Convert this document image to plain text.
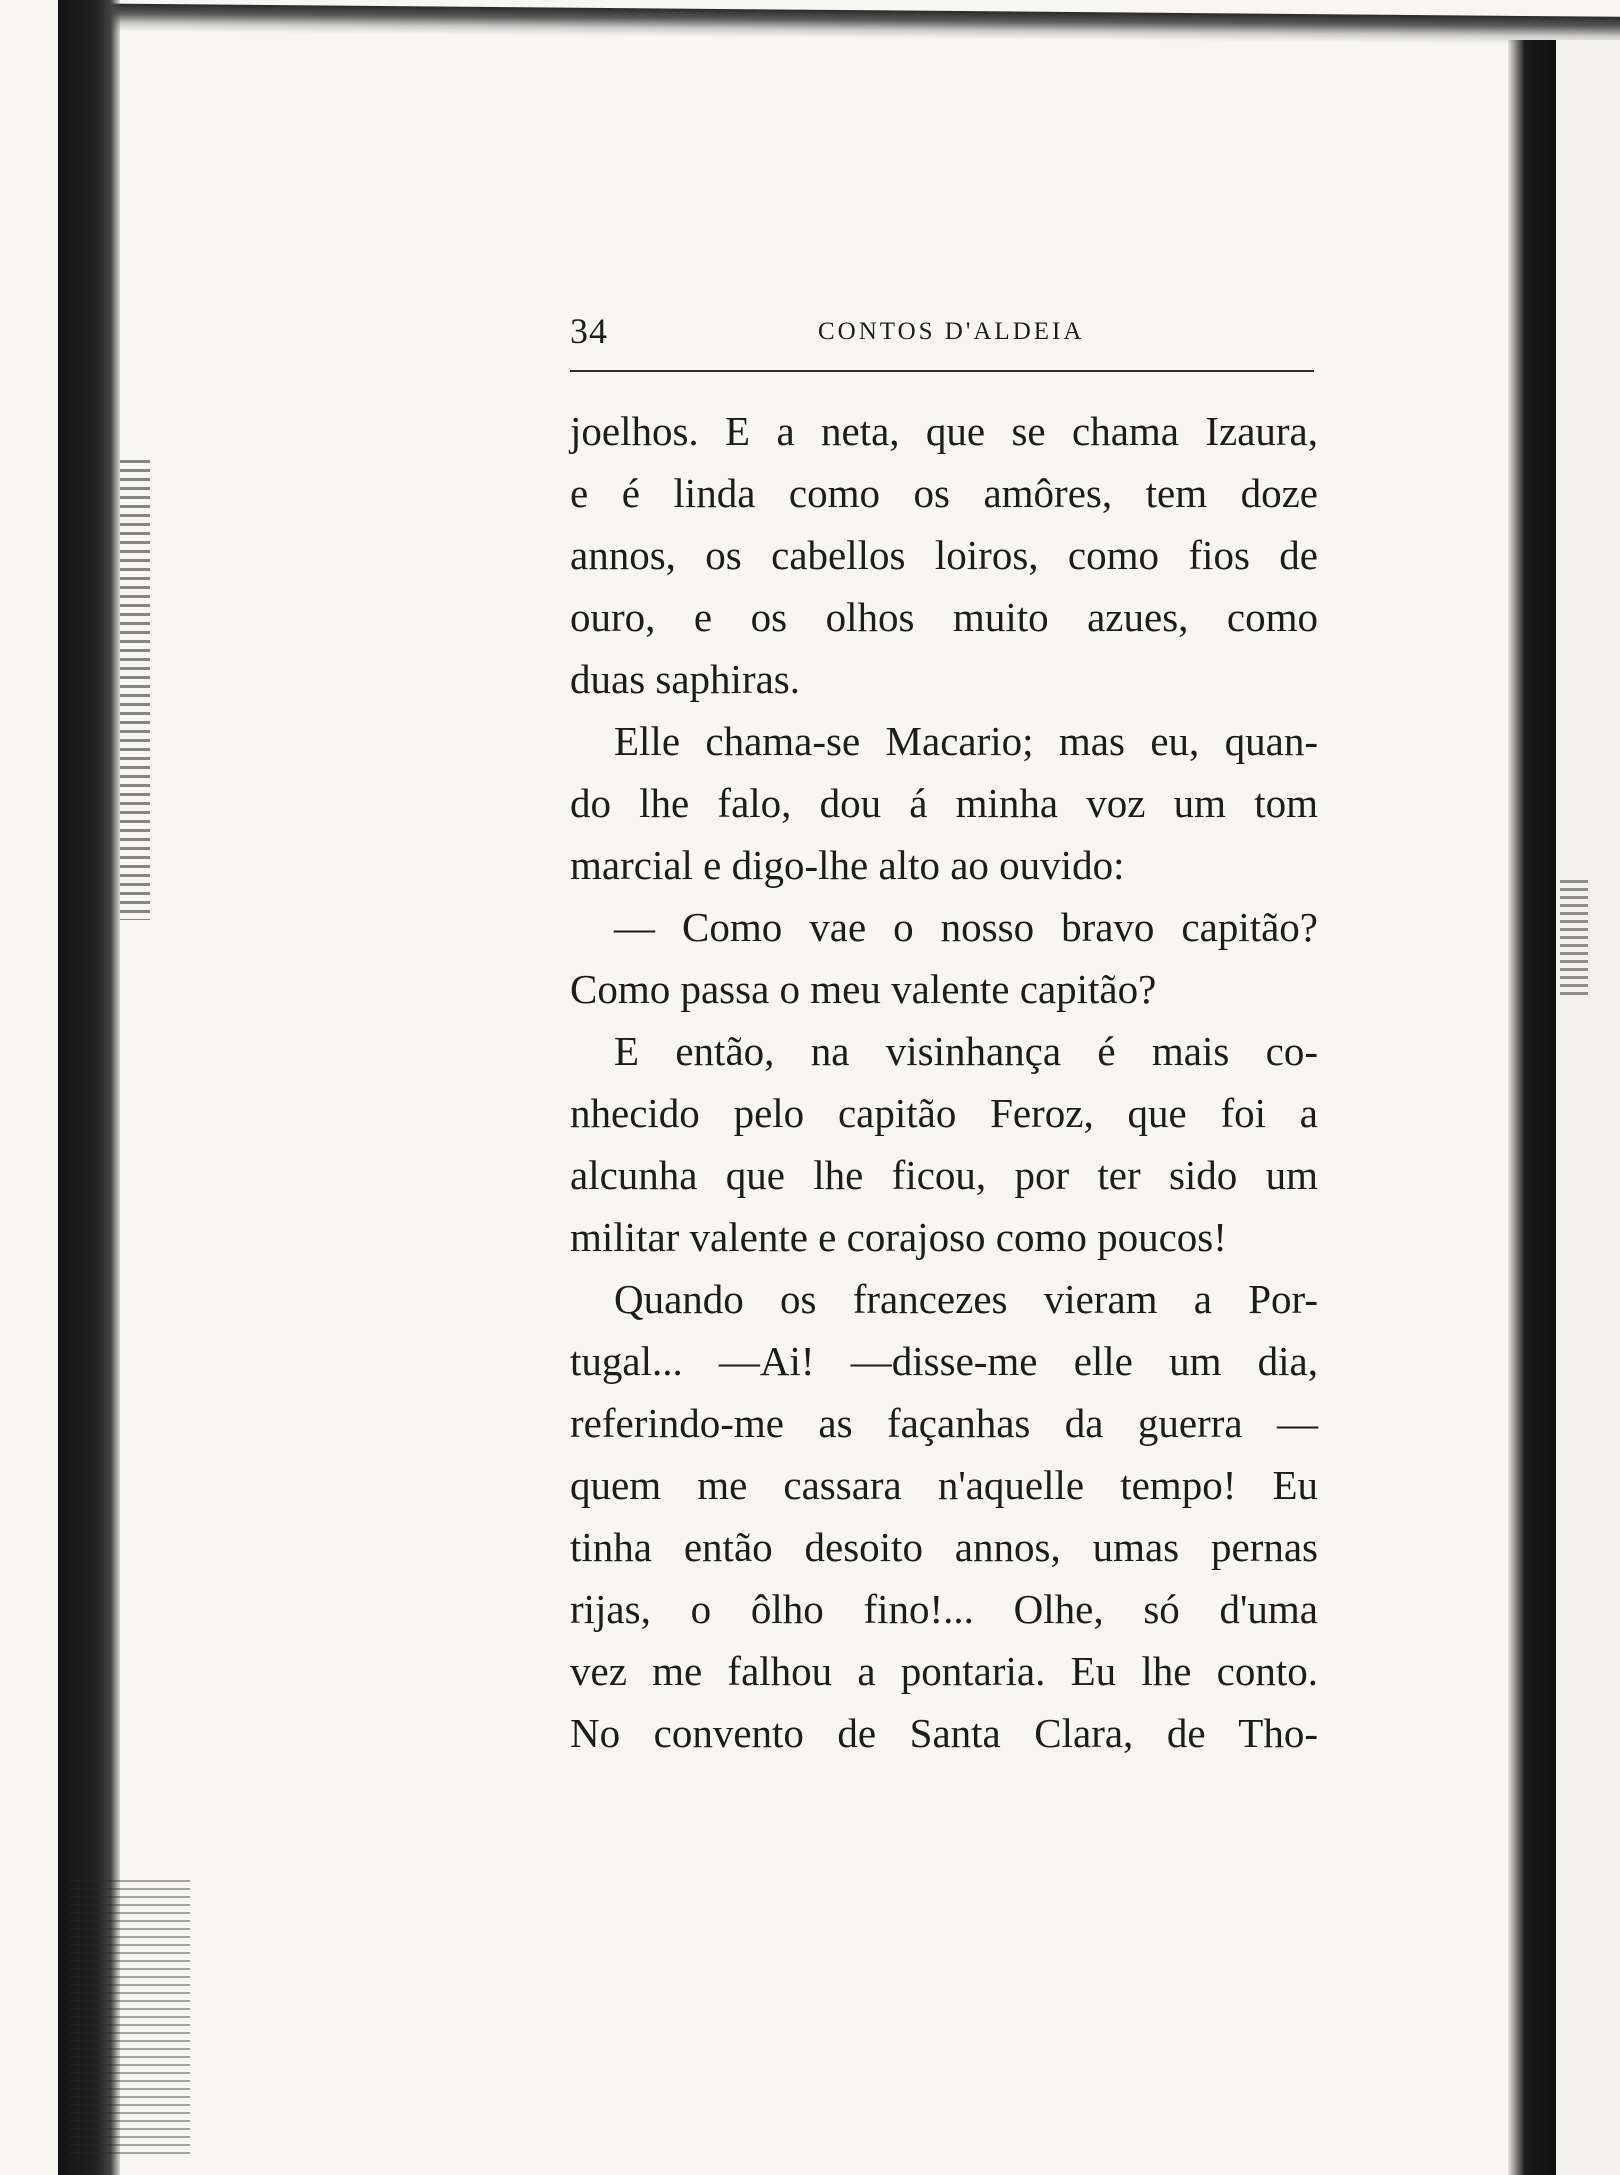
34	CONTOS D'ALDEIA
joelhos. E a neta, que se chama Izaura,
e é linda como os amôres, tem doze
annos, os cabellos loiros, como fios de
ouro, e os olhos muito azues, como
duas saphiras.
Elle chama-se Macario; mas eu, quan-
do lhe falo, dou á minha voz um tom
marcial e digo-lhe alto ao ouvido:
— Como vae o nosso bravo capitão?
Como passa o meu valente capitão?
E então, na visinhança é mais co-
nhecido pelo capitão Feroz, que foi a
alcunha que lhe ficou, por ter sido um
militar valente e corajoso como poucos!
Quando os francezes vieram a Por-
tugal... —Ai! —disse-me elle um dia,
referindo-me as façanhas da guerra —
quem me cassara n'aquelle tempo! Eu
tinha então desoito annos, umas pernas
rijas, o ôlho fino!... Olhe, só d'uma
vez me falhou a pontaria. Eu lhe conto.
No convento de Santa Clara, de Tho-
